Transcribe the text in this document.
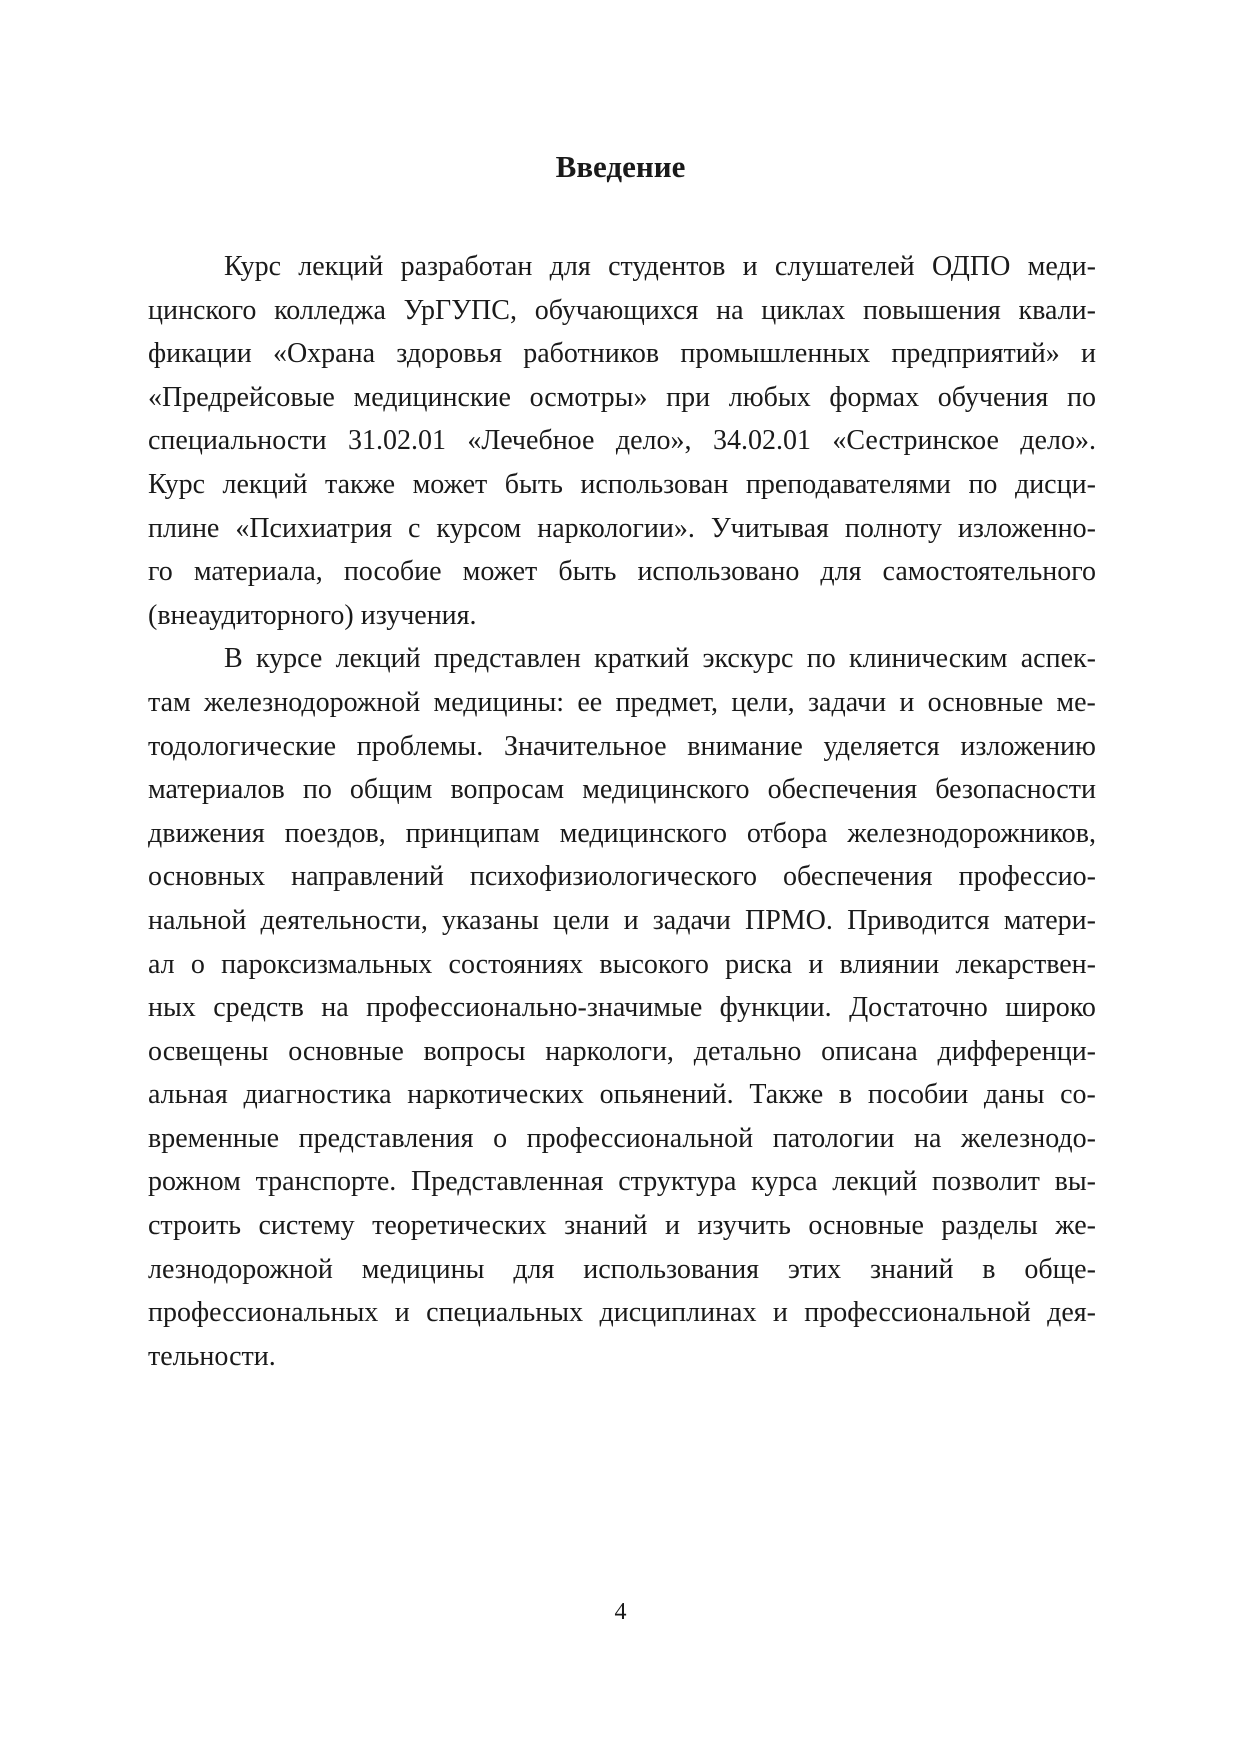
Введение
Курс лекций разработан для студентов и слушателей ОДПО меди-
цинского колледжа УрГУПС, обучающихся на циклах повышения квали-
фикации «Охрана здоровья работников промышленных предприятий» и
«Предрейсовые медицинские осмотры» при любых формах обучения по
специальности 31.02.01 «Лечебное дело», 34.02.01 «Сестринское дело».
Курс лекций также может быть использован преподавателями по дисци-
плине «Психиатрия с курсом наркологии». Учитывая полноту изложенно-
го материала, пособие может быть использовано для самостоятельного
(внеаудиторного)
изучения.
В курсе лекций представлен краткий экскурс по клиническим аспек-
там железнодорожной медицины: ее предмет, цели, задачи и основные ме-
тодологические проблемы. Значительное внимание уделяется изложению
материалов по общим вопросам медицинского обеспечения безопасности
движения поездов, принципам медицинского отбора железнодорожников,
основных направлений психофизиологического обеспечения профессио-
нальной деятельности, указаны цели и задачи ПРМО. Приводится матери-
ал о пароксизмальных состояниях высокого риска и влиянии лекарствен-
ных средств на профессионально-значимые функции. Достаточно широко
освещены основные вопросы наркологи, детально описана дифференци-
альная диагностика наркотических опьянений. Также в пособии даны со-
временные представления о профессиональной патологии на железнодо-
рожном транспорте. Представленная структура курса лекций позволит вы-
строить систему теоретических знаний и изучить основные разделы же-
лезнодорожной медицины для использования этих знаний в обще-
профессиональных и специальных дисциплинах и профессиональной дея-
тельности.
4
